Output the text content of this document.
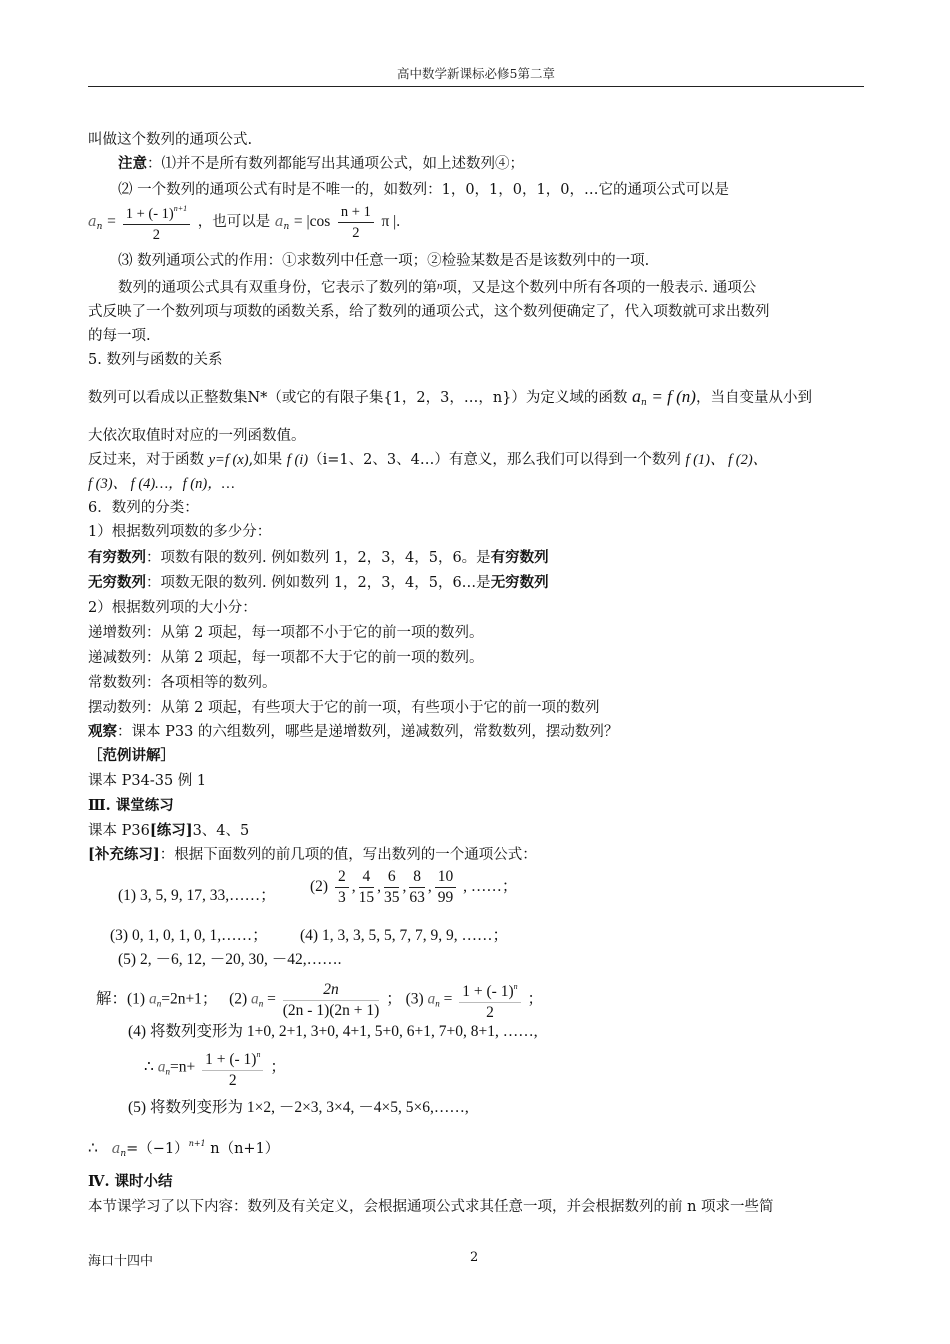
高中数学新课标必修5第二章
叫做这个数列的通项公式.
注意：⑴并不是所有数列都能写出其通项公式，如上述数列④；
⑵ 一个数列的通项公式有时是不唯一的，如数列：1，0，1，0，1，0，…它的通项公式可以是
$a_n = \frac{1 + (- 1)^{n+1}}{2}$ ，也可以是 $a_n = |\cos \frac{n + 1}{2}$ π |.
⑶ 数列通项公式的作用：①求数列中任意一项；②检验某数是否是该数列中的一项.
数列的通项公式具有双重身份，它表示了数列的第$^n$项，又是这个数列中所有各项的一般表示. 通项公
式反映了一个数列项与项数的函数关系，给了数列的通项公式，这个数列便确定了，代入项数就可求出数列
的每一项.
5. 数列与函数的关系
数列可以看成以正整数集N*（或它的有限子集{1，2，3，…，n}）为定义域的函数 $a_n = f$ (n)，当自变量从小到
大依次取值时对应的一列函数值。
反过来，对于函数 y=f (x),如果 f (i)（i=1、2、3、4…）有意义，那么我们可以得到一个数列 f (1)、 f (2)、
f (3)、 f (4)…，f (n)，…
6．数列的分类：
1）根据数列项数的多少分：
有穷数列：项数有限的数列. 例如数列 1，2，3，4，5，6。是有穷数列
无穷数列：项数无限的数列. 例如数列 1，2，3，4，5，6…是无穷数列
2）根据数列项的大小分：
递增数列：从第 2 项起，每一项都不小于它的前一项的数列。
递减数列：从第 2 项起，每一项都不大于它的前一项的数列。
常数数列：各项相等的数列。
摆动数列：从第 2 项起，有些项大于它的前一项，有些项小于它的前一项的数列
观察：课本 P33 的六组数列，哪些是递增数列，递减数列，常数数列，摆动数列？
［范例讲解］
课本 P34-35 例 1
Ⅲ. 课堂练习
课本 P36[练习]3、4、5
[补充练习]：根据下面数列的前几项的值，写出数列的一个通项公式：
(1) 3, 5, 9, 17, 33,……；
$(2) \frac{2}{3}$ , $\frac{4}{15}$ , $\frac{6}{35}$ , $\frac{8}{63}$ , $\frac{10}{99}$ , ……；
(3) 0, 1, 0, 1, 0, 1,……； (4) 1, 3, 3, 5, 5, 7, 7, 9, 9, ……；
(5) 2, －6, 12, －20, 30, －42,…….
解：(1) $a_n=2n+1$； (2) $a_n = \frac{2n}{(2n - 1)(2n + 1)}$ ； (3) $a_n = \frac{1 + (- 1)^n}{2}$ ；
(4) 将数列变形为 1+0, 2+1, 3+0, 4+1, 5+0, 6+1, 7+0, 8+1, ……,
∴ $a_n=n+ \frac{1 + (- 1)^n}{2}$ ；
(5) 将数列变形为 1×2, －2×3, 3×4, －4×5, 5×6,……,
∴ $a_n=(-1)^{n+1}$ n（n+1）
Ⅳ. 课时小结
本节课学习了以下内容：数列及有关定义，会根据通项公式求其任意一项，并会根据数列的前 n 项求一些简
海口十四中	2
